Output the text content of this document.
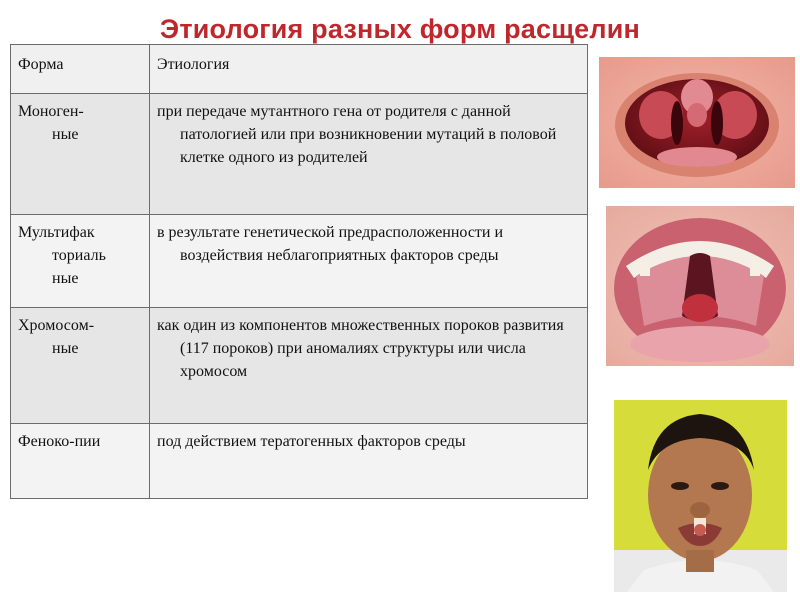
Этиология разных форм расщелин
Форма	Этиология

Моноген-
ные	при передаче мутантного гена от родителя с данной патологией или при возникновении мутаций в половой клетке одного из родителей

Мультифак
ториаль
ные	в результате генетической предрасположенности и воздействия неблагоприятных факторов среды

Хромосом-
ные	как один из компонентов множественных пороков развития (117 пороков) при аномалиях структуры или числа хромосом

Феноко-пии	под действием тератогенных факторов среды
